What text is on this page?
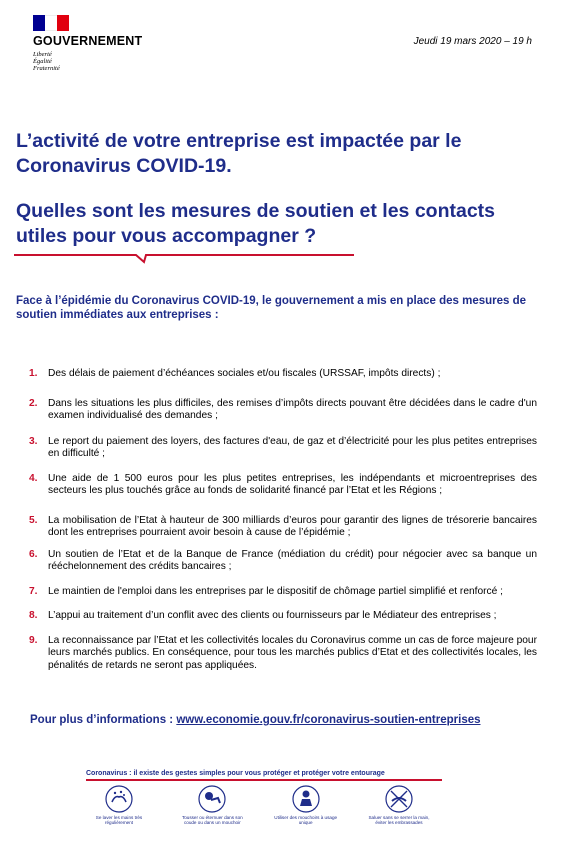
GOUVERNEMENT
Liberté
Égalité
Fraternité
Jeudi 19 mars 2020 – 19 h
L’activité de votre entreprise est impactée par le Coronavirus COVID-19.
Quelles sont les mesures de soutien et les contacts utiles pour vous accompagner ?
Face à l’épidémie du Coronavirus COVID-19, le gouvernement a mis en place des mesures de soutien immédiates aux entreprises :
1.	Des délais de paiement d’échéances sociales et/ou fiscales (URSSAF, impôts directs) ;
2.	Dans les situations les plus difficiles, des remises d’impôts directs pouvant être décidées dans le cadre d'un examen individualisé des demandes ;
3.	Le report du paiement des loyers, des factures d'eau, de gaz et d’électricité pour les plus petites entreprises en difficulté ;
4.	Une aide de 1 500 euros pour les plus petites entreprises, les indépendants et microentreprises des secteurs les plus touchés grâce au fonds de solidarité financé par l’Etat et les Régions ;
5.	La mobilisation de l’Etat à hauteur de 300 milliards d’euros pour garantir des lignes de trésorerie bancaires dont les entreprises pourraient avoir besoin à cause de l’épidémie ;
6.	Un soutien de l’Etat et de la Banque de France (médiation du crédit) pour négocier avec sa banque un rééchelonnement des crédits bancaires ;
7.	Le maintien de l'emploi dans les entreprises par le dispositif de chômage partiel simplifié et renforcé ;
8.	L’appui au traitement d’un conflit avec des clients ou fournisseurs par le Médiateur des entreprises ;
9.	La reconnaissance par l’Etat et les collectivités locales du Coronavirus comme un cas de force majeure pour leurs marchés publics. En conséquence, pour tous les marchés publics d’Etat et des collectivités locales, les pénalités de retards ne seront pas appliquées.
Pour plus d’informations : www.economie.gouv.fr/coronavirus-soutien-entreprises
Coronavirus : il existe des gestes simples pour vous protéger et protéger votre entourage
Se laver les mains très régulièrement
Tousser ou éternuer dans son coude ou dans un mouchoir
Utiliser des mouchoirs à usage unique
Saluer sans se serrer la main, éviter les embrassades
